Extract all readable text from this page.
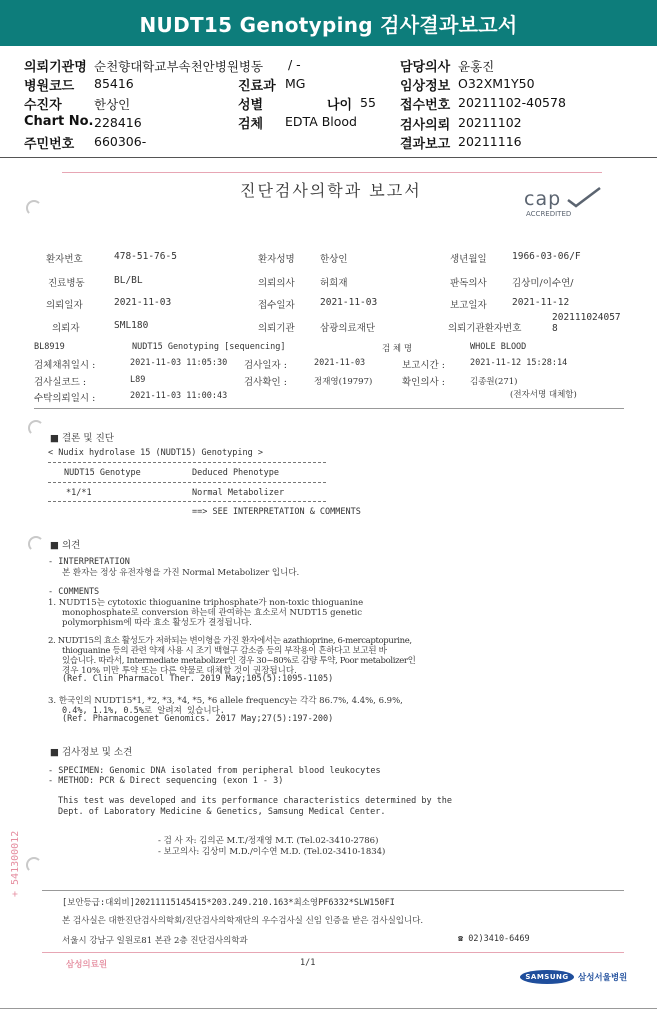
NUDT15 Genotyping 검사결과보고서
의뢰기관명 순천향대학교부속천안병원병동 / -	담당의사 윤홍진
병원코드 85416	진료과 MG	임상정보 O32XM1Y50
수진자	한상인	성별	나이 55 접수번호 20211102-40578
Chart No. 228416	검체 EDTA Blood	검사의뢰 20211102
주민번호 660306-	결과보고 20211116
진단검사의학과 보고서	cap
ACCREDITED
환자번호	478-51-76-5	환자성명	한상인	생년월일	1966-03-06/F
진료병동	BL/BL	의뢰의사	허희재	판독의사	김상미/이수연/
의뢰일자	2021-11-03	접수일자	2021-11-03	보고일자	2021-11-12
의뢰자	SML180	의뢰기관	삼광의료재단	의뢰기관환자번호
202111024057
8
BL8919	NUDT15 Genotyping [sequencing]	검 체 명	WHOLE BLOOD
검체채취일시 :	2021-11-03 11:05:30 검사일자 :	2021-11-03	보고시간 :	2021-11-12 15:28:14
검사실코드 :	L89	검사확인 :	정재영(19797)	확인의사 :	김종원(271)
수탁의뢰일시 :	2021-11-03 11:00:43	(전자서명 대체함)
■ 결론 및 진단
< Nudix hydrolase 15 (NUDT15) Genotyping >
NUDT15 Genotype	Deduced Phenotype
*1/*1	Normal Metabolizer
==> SEE INTERPRETATION & COMMENTS
■ 의견
- INTERPRETATION
본 환자는 정상 유전자형을 가진 Normal Metabolizer 입니다.
- COMMENTS
1. NUDT15는 cytotoxic thioguanine triphosphate가 non-toxic thioguanine
monophosphate로 conversion 하는데 관여하는 효소로서 NUDT15 genetic
polymorphism에 따라 효소 활성도가 결정됩니다.
2. NUDT15의 효소 활성도가 저하되는 변이형을 가진 환자에서는 azathioprine, 6-mercaptopurine,
thioguanine 등의 관련 약제 사용 시 조기 백혈구 감소증 등의 부작용이 흔하다고 보고된 바
있습니다. 따라서, Intermediate metabolizer인 경우 30~80%로 감량 투약, Poor metabolizer인
경우 10% 미만 투약 또는 다른 약물로 대체할 것이 권장됩니다.
(Ref. Clin Pharmacol Ther. 2019 May;105(5):1095-1105)
3. 한국인의 NUDT15*1, *2, *3, *4, *5, *6 allele frequency는 각각 86.7%, 4.4%, 6.9%,
0.4%, 1.1%, 0.5%로 알려져 있습니다.
(Ref. Pharmacogenet Genomics. 2017 May;27(5):197-200)
■ 검사정보 및 소견
- SPECIMEN: Genomic DNA isolated from peripheral blood leukocytes
- METHOD: PCR & Direct sequencing (exon 1 - 3)
This test was developed and its performance characteristics determined by the
Dept. of Laboratory Medicine & Genetics, Samsung Medical Center.
- 검 사 자: 김의곤 M.T./정재영 M.T. (Tel.02-3410-2786)
- 보고의사: 김상미 M.D./이수연 M.D. (Tel.02-3410-1834)
+ 541300012
[보안등급:대외비]20211115145415*203.249.210.163*최소영PF6332*SLW150FI
본 검사실은 대한진단검사의학회/진단검사의학재단의 우수검사실 신임 인증을 받은 검사실입니다.
서울시 강남구 일원로81 본관 2층 진단검사의학과	☎ 02)3410-6469
삼성의료원	1/1
SAMSUNG	삼성서울병원
